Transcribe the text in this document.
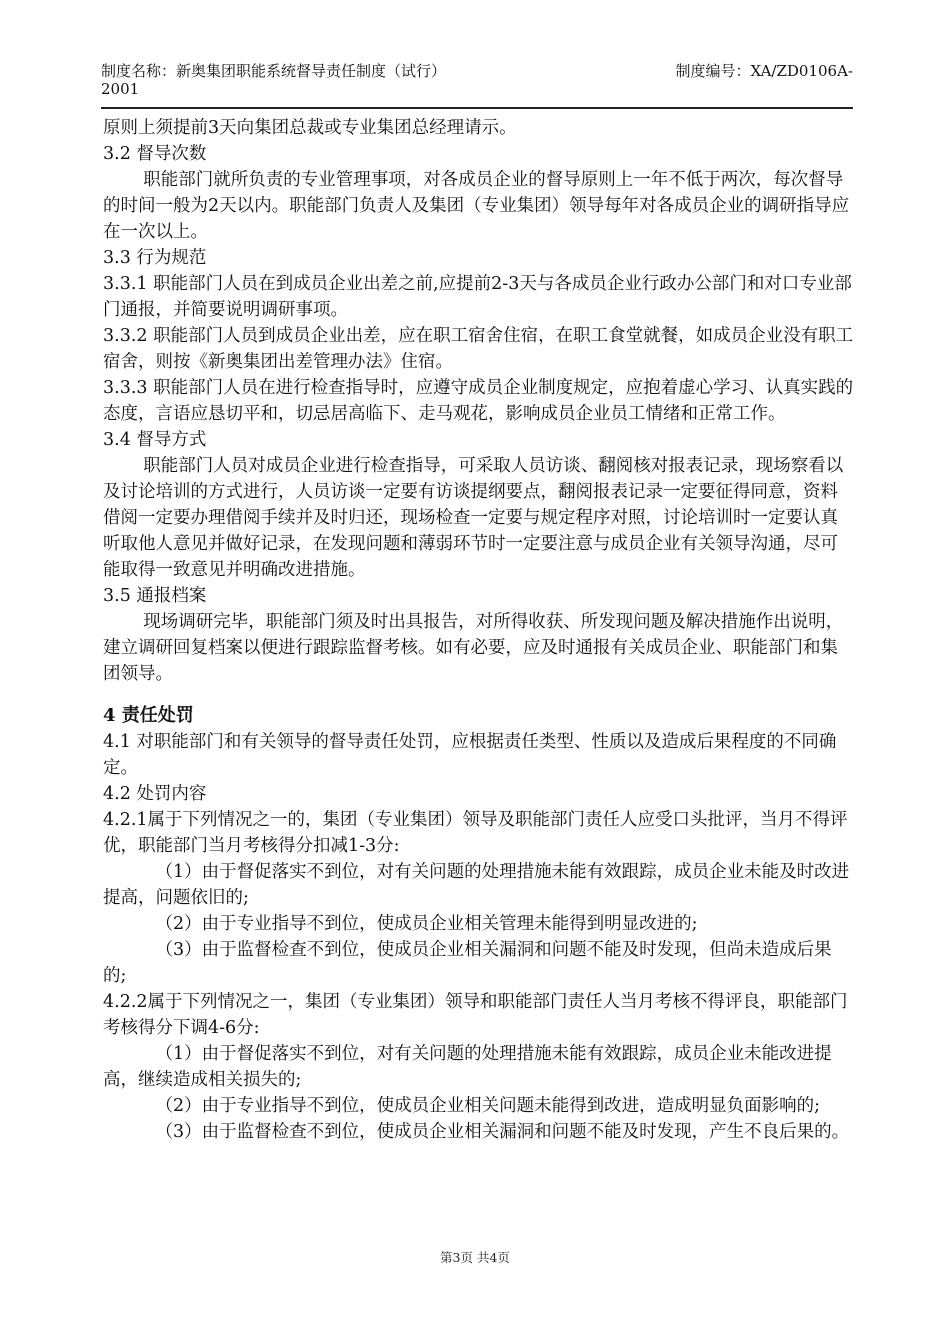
制度名称：新奥集团职能系统督导责任制度（试行）	制度编号：XA/ZD0106A-
2001

原则上须提前3天向集团总裁或专业集团总经理请示。

3.2 督导次数

职能部门就所负责的专业管理事项，对各成员企业的督导原则上一年不低于两次，每次督导的时间一般为2天以内。职能部门负责人及集团（专业集团）领导每年对各成员企业的调研指导应在一次以上。

3.3 行为规范

3.3.1 职能部门人员在到成员企业出差之前,应提前2-3天与各成员企业行政办公部门和对口专业部门通报，并简要说明调研事项。

3.3.2 职能部门人员到成员企业出差，应在职工宿舍住宿，在职工食堂就餐，如成员企业没有职工宿舍，则按《新奥集团出差管理办法》住宿。

3.3.3 职能部门人员在进行检查指导时，应遵守成员企业制度规定，应抱着虚心学习、认真实践的态度，言语应恳切平和，切忌居高临下、走马观花，影响成员企业员工情绪和正常工作。

3.4 督导方式

职能部门人员对成员企业进行检查指导，可采取人员访谈、翻阅核对报表记录，现场察看以及讨论培训的方式进行，人员访谈一定要有访谈提纲要点，翻阅报表记录一定要征得同意，资料借阅一定要办理借阅手续并及时归还，现场检查一定要与规定程序对照，讨论培训时一定要认真听取他人意见并做好记录，在发现问题和薄弱环节时一定要注意与成员企业有关领导沟通，尽可能取得一致意见并明确改进措施。

3.5 通报档案

现场调研完毕，职能部门须及时出具报告，对所得收获、所发现问题及解决措施作出说明，建立调研回复档案以便进行跟踪监督考核。如有必要，应及时通报有关成员企业、职能部门和集团领导。

4 责任处罚

4.1 对职能部门和有关领导的督导责任处罚，应根据责任类型、性质以及造成后果程度的不同确定。

4.2 处罚内容

4.2.1属于下列情况之一的，集团（专业集团）领导及职能部门责任人应受口头批评，当月不得评优，职能部门当月考核得分扣减1-3分:

（1）由于督促落实不到位，对有关问题的处理措施未能有效跟踪，成员企业未能及时改进提高，问题依旧的;

（2）由于专业指导不到位，使成员企业相关管理未能得到明显改进的;

（3）由于监督检查不到位，使成员企业相关漏洞和问题不能及时发现，但尚未造成后果的;

4.2.2属于下列情况之一，集团（专业集团）领导和职能部门责任人当月考核不得评良，职能部门考核得分下调4-6分:

（1）由于督促落实不到位，对有关问题的处理措施未能有效跟踪，成员企业未能改进提高，继续造成相关损失的;

（2）由于专业指导不到位，使成员企业相关问题未能得到改进，造成明显负面影响的;

（3）由于监督检查不到位，使成员企业相关漏洞和问题不能及时发现，产生不良后果的。

第3页 共4页
